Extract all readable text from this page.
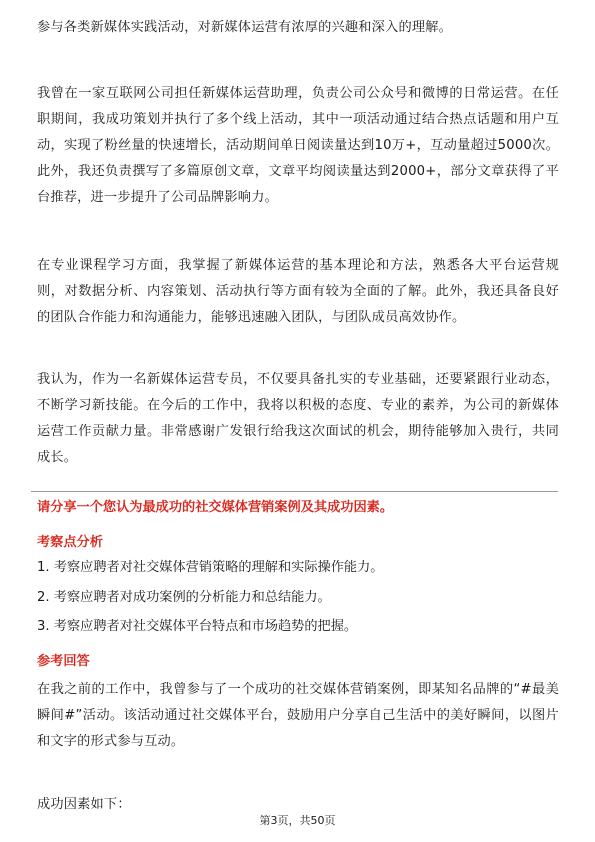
参与各类新媒体实践活动，对新媒体运营有浓厚的兴趣和深入的理解。

我曾在一家互联网公司担任新媒体运营助理，负责公司公众号和微博的日常运营。在任职期间，我成功策划并执行了多个线上活动，其中一项活动通过结合热点话题和用户互动，实现了粉丝量的快速增长，活动期间单日阅读量达到10万+，互动量超过5000次。此外，我还负责撰写了多篇原创文章，文章平均阅读量达到2000+，部分文章获得了平台推荐，进一步提升了公司品牌影响力。

在专业课程学习方面，我掌握了新媒体运营的基本理论和方法，熟悉各大平台运营规则，对数据分析、内容策划、活动执行等方面有较为全面的了解。此外，我还具备良好的团队合作能力和沟通能力，能够迅速融入团队，与团队成员高效协作。

我认为，作为一名新媒体运营专员，不仅要具备扎实的专业基础，还要紧跟行业动态，不断学习新技能。在今后的工作中，我将以积极的态度、专业的素养，为公司的新媒体运营工作贡献力量。非常感谢广发银行给我这次面试的机会，期待能够加入贵行，共同成长。

请分享一个您认为最成功的社交媒体营销案例及其成功因素。

考察点分析

1. 考察应聘者对社交媒体营销策略的理解和实际操作能力。

2. 考察应聘者对成功案例的分析能力和总结能力。

3. 考察应聘者对社交媒体平台特点和市场趋势的把握。

参考回答

在我之前的工作中，我曾参与了一个成功的社交媒体营销案例，即某知名品牌的“#最美瞬间#”活动。该活动通过社交媒体平台，鼓励用户分享自己生活中的美好瞬间，以图片和文字的形式参与互动。

成功因素如下：

第3页，共50页
